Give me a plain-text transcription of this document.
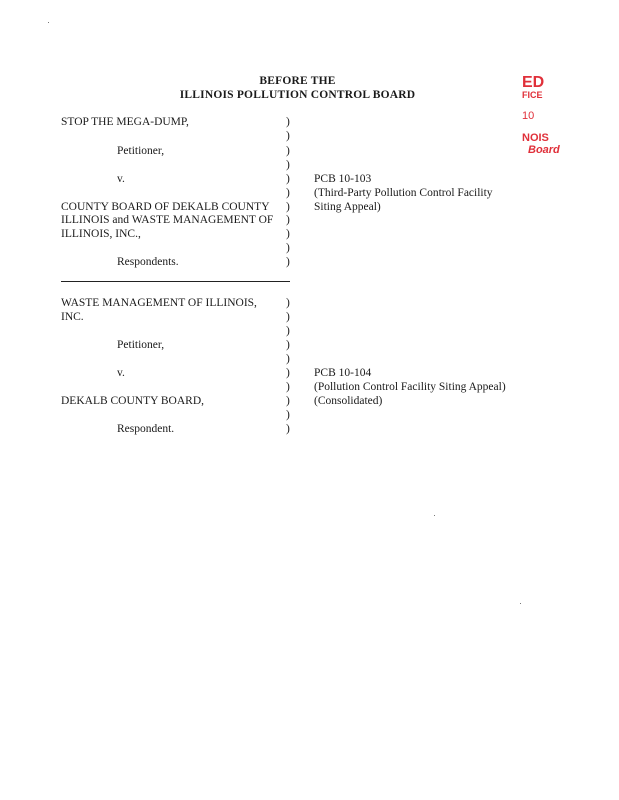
BEFORE THE
ILLINOIS POLLUTION CONTROL BOARD
ED
FICE
10
NOIS
Board
STOP THE MEGA-DUMP,
Petitioner,
v.
COUNTY BOARD OF DEKALB COUNTY
ILLINOIS and WASTE MANAGEMENT OF
ILLINOIS, INC.,
Respondents.
PCB 10-103
(Third-Party Pollution Control Facility
Siting Appeal)
)
)
)
)
)
)
)
)
)
)
)
WASTE MANAGEMENT OF ILLINOIS,
INC.
Petitioner,
v.
DEKALB COUNTY BOARD,
Respondent.
PCB 10-104
(Pollution Control Facility Siting Appeal)
(Consolidated)
)
)
)
)
)
)
)
)
)
)
